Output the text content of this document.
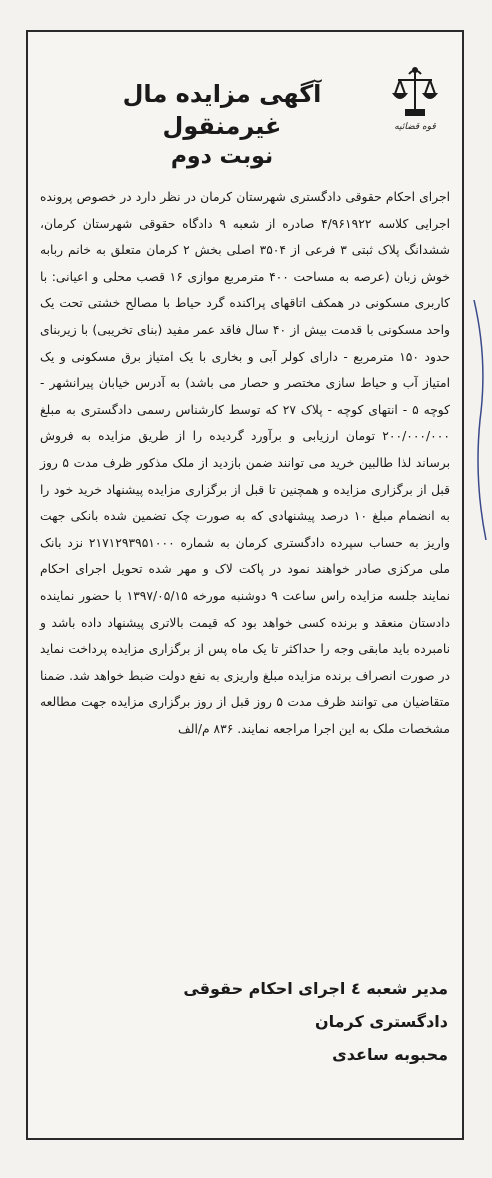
قوه قضائیه

آگهی مزایده مال غیرمنقول

نوبت دوم

اجرای احکام حقوقی دادگستری شهرستان کرمان در نظر دارد در خصوص پرونده اجرایی کلاسه ۴/۹۶۱۹۲۲ صادره از شعبه ۹ دادگاه حقوقی شهرستان کرمان، ششدانگ پلاک ثبتی ۳ فرعی از ۳۵۰۴ اصلی بخش ۲ کرمان متعلق به خانم ربابه خوش زبان (عرصه به مساحت ۴۰۰ مترمربع موازی ۱۶ قصب محلی و اعیانی: با کاربری مسکونی در همکف اتاقهای پراکنده گرد حیاط با مصالح خشتی تحت یک واحد مسکونی با قدمت بیش از ۴۰ سال فاقد عمر مفید (بنای تخریبی) با زیربنای حدود ۱۵۰ مترمربع - دارای کولر آبی و بخاری با یک امتیاز برق مسکونی و یک امتیاز آب و حیاط سازی مختصر و حصار می باشد) به آدرس خیابان پیرانشهر - کوچه ۵ - انتهای کوچه - پلاک ۲۷ که توسط کارشناس رسمی دادگستری به مبلغ ۲۰۰/۰۰۰/۰۰۰ تومان ارزیابی و برآورد گردیده را از طریق مزایده به فروش برساند لذا طالبین خرید می توانند ضمن بازدید از ملک مذکور ظرف مدت ۵ روز قبل از برگزاری مزایده و همچنین تا قبل از برگزاری مزایده پیشنهاد خرید خود را به انضمام مبلغ ۱۰ درصد پیشنهادی که به صورت چک تضمین شده بانکی جهت واریز به حساب سپرده دادگستری کرمان به شماره ۲۱۷۱۲۹۳۹۵۱۰۰۰ نزد بانک ملی مرکزی صادر خواهند نمود در پاکت لاک و مهر شده تحویل اجرای احکام نمایند جلسه مزایده راس ساعت ۹ دوشنبه مورخه ۱۳۹۷/۰۵/۱۵ با حضور نماینده دادستان منعقد و برنده کسی خواهد بود که قیمت بالاتری پیشنهاد داده باشد و نامبرده باید مابقی وجه را حداکثر تا یک ماه پس از برگزاری مزایده پرداخت نماید در صورت انصراف برنده مزایده مبلغ واریزی به نفع دولت ضبط خواهد شد. ضمنا متقاضیان می توانند ظرف مدت ۵ روز قبل از روز برگزاری مزایده جهت مطالعه مشخصات ملک به این اجرا مراجعه نمایند. ۸۳۶ م/الف

مدیر شعبه ٤ اجرای احکام حقوقی
دادگستری کرمان
محبوبه ساعدی
